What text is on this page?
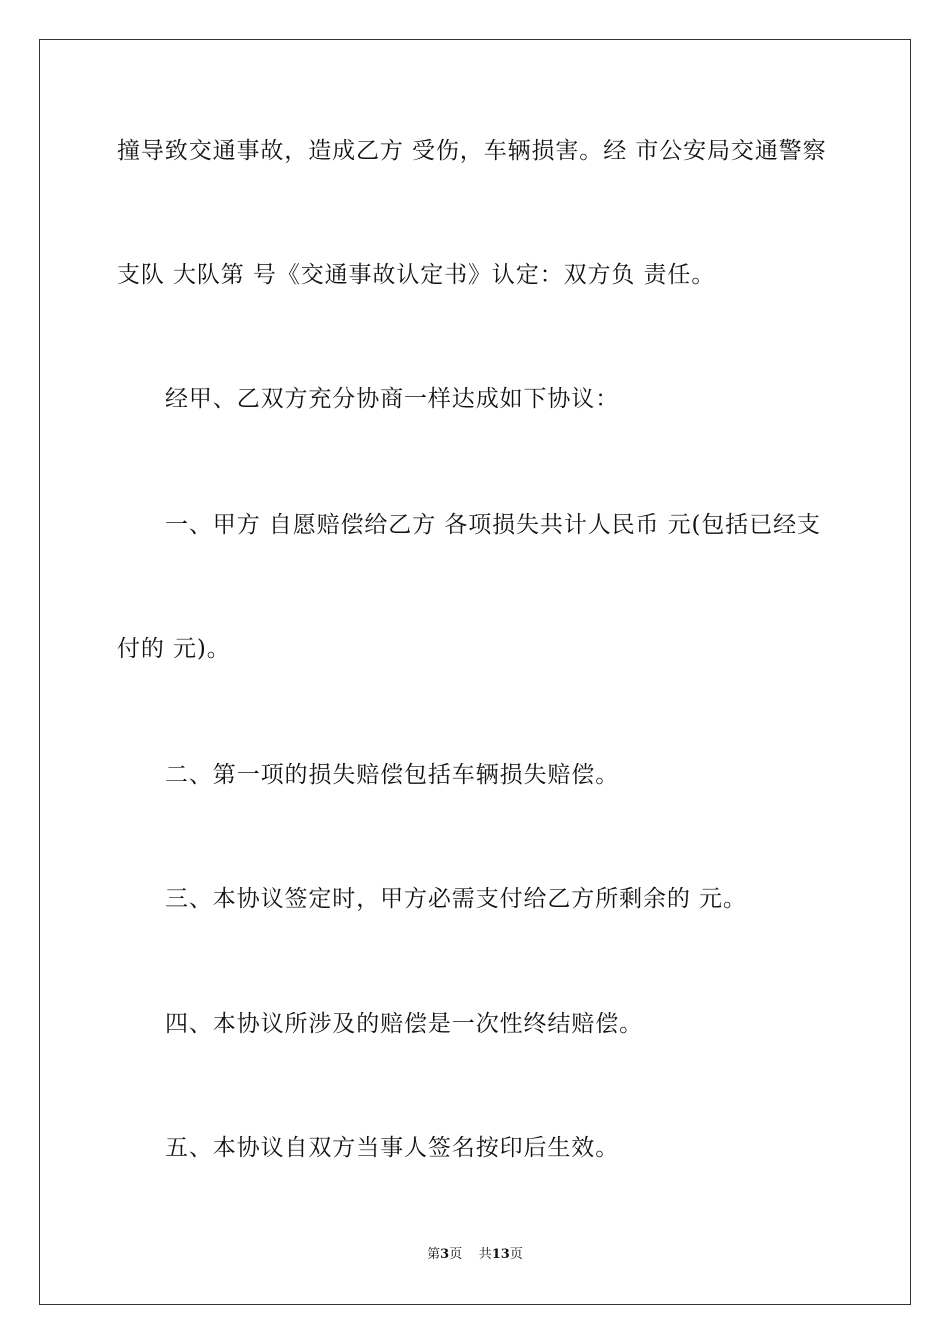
撞导致交通事故，造成乙方 受伤，车辆损害。经 市公安局交通警察
支队 大队第 号《交通事故认定书》认定：双方负 责任。
经甲、乙双方充分协商一样达成如下协议：
一、甲方 自愿赔偿给乙方 各项损失共计人民币 元(包括已经支
付的 元)。
二、第一项的损失赔偿包括车辆损失赔偿。
三、本协议签定时，甲方必需支付给乙方所剩余的 元。
四、本协议所涉及的赔偿是一次性终结赔偿。
五、本协议自双方当事人签名按印后生效。
第3页 共13页
